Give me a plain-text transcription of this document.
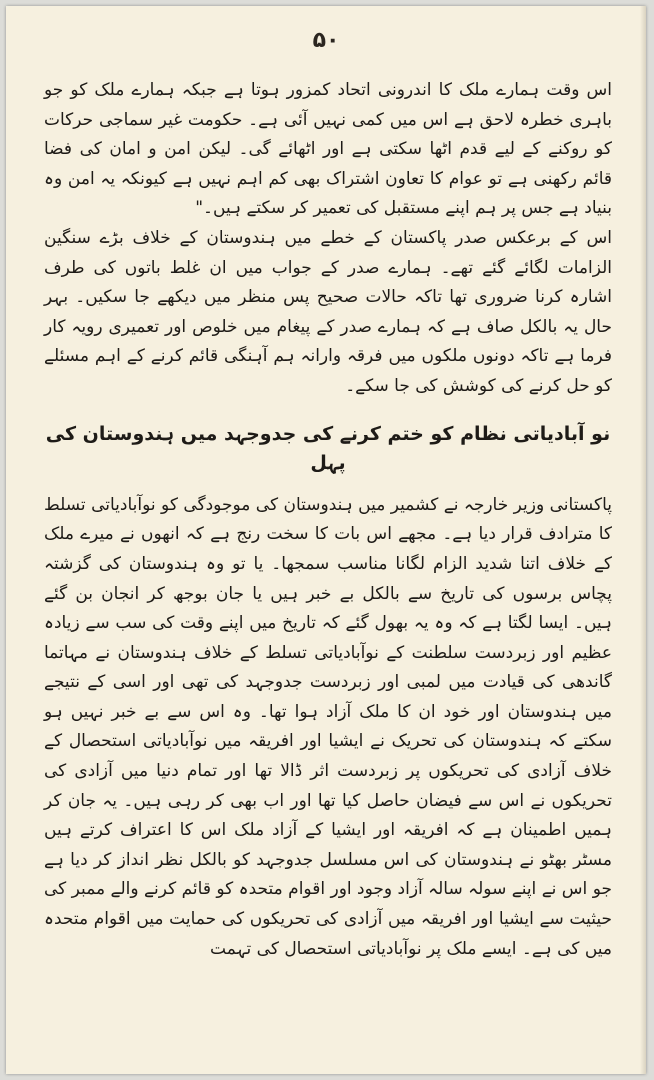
۵۰

اس وقت ہمارے ملک کا اندرونی اتحاد کمزور ہوتا ہے جبکہ ہمارے ملک کو جو باہری خطرہ لاحق ہے اس میں کمی نہیں آئی ہے۔ حکومت غیر سماجی حرکات کو روکنے کے لیے قدم اٹھا سکتی ہے اور اٹھائے گی۔ لیکن امن و امان کی فضا قائم رکھنی ہے تو عوام کا تعاون اشتراک بھی کم اہم نہیں ہے کیونکہ یہ امن وہ بنیاد ہے جس پر ہم اپنے مستقبل کی تعمیر کر سکتے ہیں۔"

اس کے برعکس صدر پاکستان کے خطے میں ہندوستان کے خلاف بڑے سنگین الزامات لگائے گئے تھے۔ ہمارے صدر کے جواب میں ان غلط باتوں کی طرف اشارہ کرنا ضروری تھا تاکہ حالات صحیح پس منظر میں دیکھے جا سکیں۔ بہر حال یہ بالکل صاف ہے کہ ہمارے صدر کے پیغام میں خلوص اور تعمیری رویہ کار فرما ہے تاکہ دونوں ملکوں میں فرقہ وارانہ ہم آہنگی قائم کرنے کے اہم مسئلے کو حل کرنے کی کوشش کی جا سکے۔

نو آبادیاتی نظام کو ختم کرنے کی جدوجہد میں ہندوستان کی پہل

پاکستانی وزیر خارجہ نے کشمیر میں ہندوستان کی موجودگی کو نوآبادیاتی تسلط کا مترادف قرار دیا ہے۔ مجھے اس بات کا سخت رنج ہے کہ انھوں نے میرے ملک کے خلاف اتنا شدید الزام لگانا مناسب سمجھا۔ یا تو وہ ہندوستان کی گزشتہ پچاس برسوں کی تاریخ سے بالکل بے خبر ہیں یا جان بوجھ کر انجان بن گئے ہیں۔ ایسا لگتا ہے کہ وہ یہ بھول گئے کہ تاریخ میں اپنے وقت کی سب سے زیادہ عظیم اور زبردست سلطنت کے نوآبادیاتی تسلط کے خلاف ہندوستان نے مہاتما گاندھی کی قیادت میں لمبی اور زبردست جدوجہد کی تھی اور اسی کے نتیجے میں ہندوستان اور خود ان کا ملک آزاد ہوا تھا۔ وہ اس سے بے خبر نہیں ہو سکتے کہ ہندوستان کی تحریک نے ایشیا اور افریقہ میں نوآبادیاتی استحصال کے خلاف آزادی کی تحریکوں پر زبردست اثر ڈالا تھا اور تمام دنیا میں آزادی کی تحریکوں نے اس سے فیضان حاصل کیا تھا اور اب بھی کر رہی ہیں۔ یہ جان کر ہمیں اطمینان ہے کہ افریقہ اور ایشیا کے آزاد ملک اس کا اعتراف کرتے ہیں مسٹر بھٹو نے ہندوستان کی اس مسلسل جدوجہد کو بالکل نظر انداز کر دیا ہے جو اس نے اپنے سولہ سالہ آزاد وجود اور اقوام متحدہ کو قائم کرنے والے ممبر کی حیثیت سے ایشیا اور افریقہ میں آزادی کی تحریکوں کی حمایت میں اقوام متحدہ میں کی ہے۔ ایسے ملک پر نوآبادیاتی استحصال کی تہمت
